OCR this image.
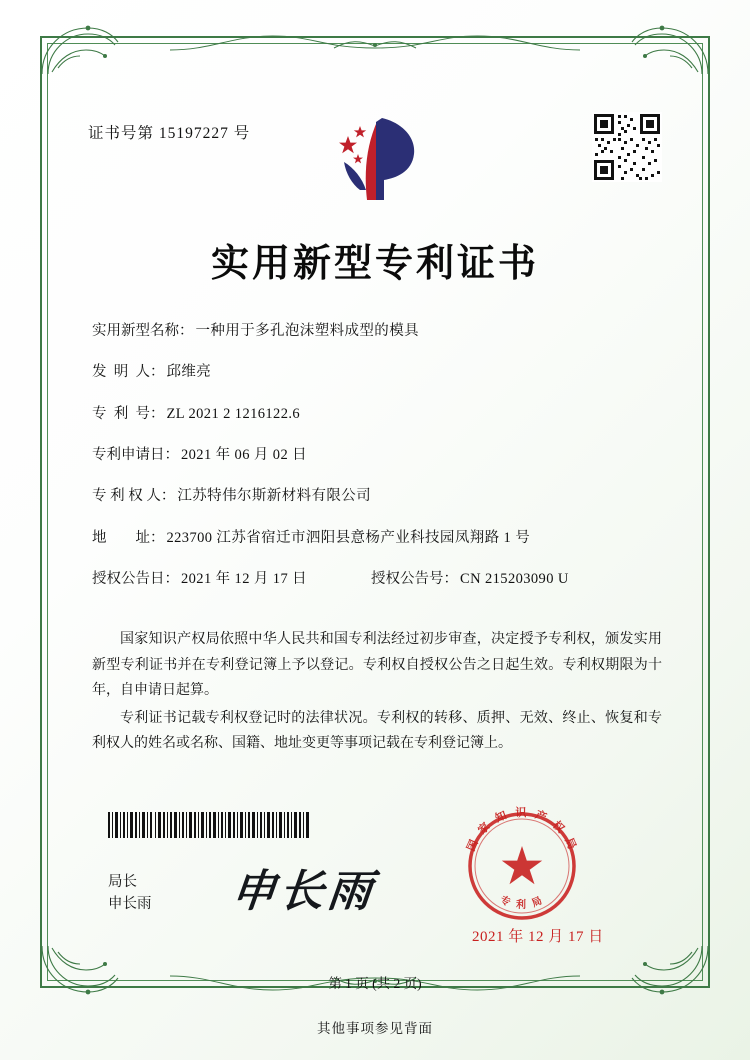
证书号第 15197227 号
实用新型专利证书
实用新型名称： 一种用于多孔泡沫塑料成型的模具
发  明  人： 邱维亮
专  利  号： ZL 2021 2 1216122.6
专利申请日： 2021 年 06 月 02 日
专 利 权 人： 江苏特伟尔斯新材料有限公司
地        址： 223700 江苏省宿迁市泗阳县意杨产业科技园凤翔路 1 号
授权公告日： 2021 年 12 月 17 日	授权公告号： CN 215203090 U

国家知识产权局依照中华人民共和国专利法经过初步审查，决定授予专利权，颁发实用新型专利证书并在专利登记簿上予以登记。专利权自授权公告之日起生效。专利权期限为十年，自申请日起算。

专利证书记载专利权登记时的法律状况。专利权的转移、质押、无效、终止、恢复和专利权人的姓名或名称、国籍、地址变更等事项记载在专利登记簿上。

局长
申长雨 申长雨
国 家 知 识 产 权 局
专 利 局
2021 年 12 月 17 日
第 1 页 (共 2 页)
其他事项参见背面
